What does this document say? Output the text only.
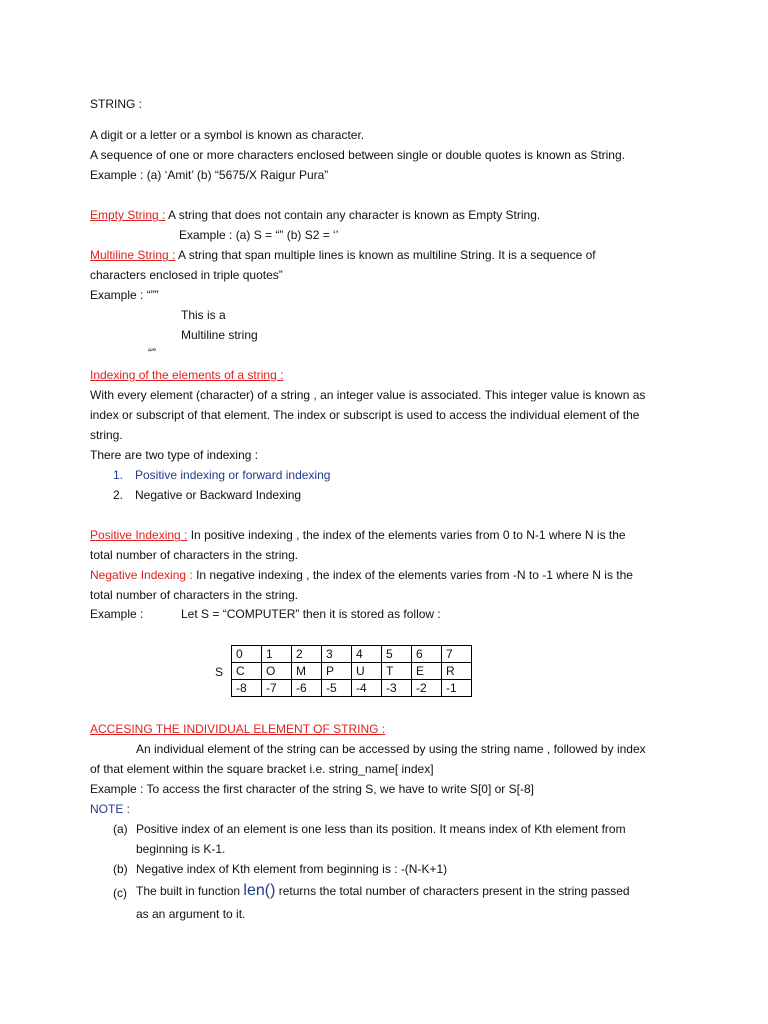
STRING :
A digit or a letter or a symbol is known as character.
A sequence of one or more characters enclosed between single or double quotes is known as String.
Example : (a) ‘Amit’ (b) “5675/X Raigur Pura”
Empty String : A string that does not contain any character is known as Empty String.
Example : (a) S = “” (b) S2 = ‘’
Multiline String : A string that span multiple lines is known as multiline String. It is a sequence of
characters enclosed in triple quotes”
Example : “””
This is a
Multiline string
“”
Indexing of the elements of a string :
With every element (character) of a string , an integer value is associated. This integer value is known as
index or subscript of that element. The index or subscript is used to access the individual element of the
string.
There are two type of indexing :
1. Positive indexing or forward indexing
2. Negative or Backward Indexing
Positive Indexing : In positive indexing , the index of the elements varies from 0 to N-1 where N is the
total number of characters in the string.
Negative Indexing : In negative indexing , the index of the elements varies from -N to -1 where N is the
total number of characters in the string.
Example :	Let S = “COMPUTER” then it is stored as follow :
S
0	1	2	3	4	5	6	7
C	O	M	P	U	T	E	R
-8	-7	-6	-5	-4	-3	-2	-1
ACCESING THE INDIVIDUAL ELEMENT OF STRING :
An individual element of the string can be accessed by using the string name , followed by index
of that element within the square bracket i.e. string_name[ index]
Example : To access the first character of the string S, we have to write S[0] or S[-8]
NOTE :
(a) Positive index of an element is one less than its position. It means index of Kth element from
beginning is K-1.
(b) Negative index of Kth element from beginning is : -(N-K+1)
(c) The built in function len() returns the total number of characters present in the string passed
as an argument to it.
